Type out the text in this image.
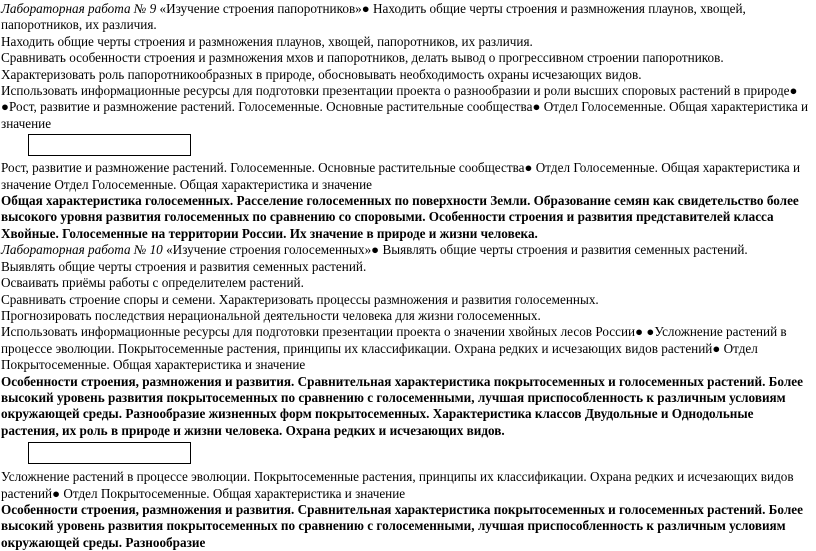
Лабораторная работа № 9 «Изучение строения папоротников»● Находить общие черты строения и размножения плаунов, хвощей, папоротников, их различия.

Находить общие черты строения и размножения плаунов, хвощей, папоротников, их различия.

Сравнивать особенности строения и размножения мхов и папоротников, делать вывод о прогрессивном строении папоротников. Характеризовать роль папоротникообразных в природе, обосновывать необходимость охраны исчезающих видов.

Использовать информационные ресурсы для подготовки презентации проекта о разнообразии и роли высших споровых растений в природе● ●Рост, развитие и размножение растений. Голосеменные. Основные растительные сообщества● Отдел Голосеменные. Общая характеристика и значение

Рост, развитие и размножение растений. Голосеменные. Основные растительные сообщества● Отдел Голосеменные. Общая характеристика и значение Отдел Голосеменные. Общая характеристика и значение

Общая характеристика голосеменных. Расселение голосеменных по поверхности Земли. Образование семян как свидетельство более высокого уровня развития голосеменных по сравнению со споровыми. Особенности строения и развития представителей класса Хвойные. Голосеменные на территории России. Их значение в природе и жизни человека.

Лабораторная работа № 10 «Изучение строения голосеменных»● Выявлять общие черты строения и развития семенных растений.

Выявлять общие черты строения и развития семенных растений.

Осваивать приёмы работы с определителем растений.

Сравнивать строение споры и семени. Характеризовать процессы размножения и развития голосеменных.

Прогнозировать последствия нерациональной деятельности человека для жизни голосеменных.

Использовать информационные ресурсы для подготовки презентации проекта о значении хвойных лесов России● ●Усложнение растений в процессе эволюции. Покрытосеменные растения, принципы их классификации. Охрана редких и исчезающих видов растений● Отдел Покрытосеменные. Общая характеристика и значение

Особенности строения, размножения и развития. Сравнительная характеристика покрытосеменных и голосеменных растений. Более высокий уровень развития покрытосеменных по сравнению с голосеменными, лучшая приспособленность к различным условиям окружающей среды. Разнообразие жизненных форм покрытосеменных. Характеристика классов Двудольные и Однодольные растения, их роль в природе и жизни человека. Охрана редких и исчезающих видов.

Усложнение растений в процессе эволюции. Покрытосеменные растения, принципы их классификации. Охрана редких и исчезающих видов растений● Отдел Покрытосеменные. Общая характеристика и значение

Особенности строения, размножения и развития. Сравнительная характеристика покрытосеменных и голосеменных растений. Более высокий уровень развития покрытосеменных по сравнению с голосеменными, лучшая приспособленность к различным условиям окружающей среды. Разнообразие
